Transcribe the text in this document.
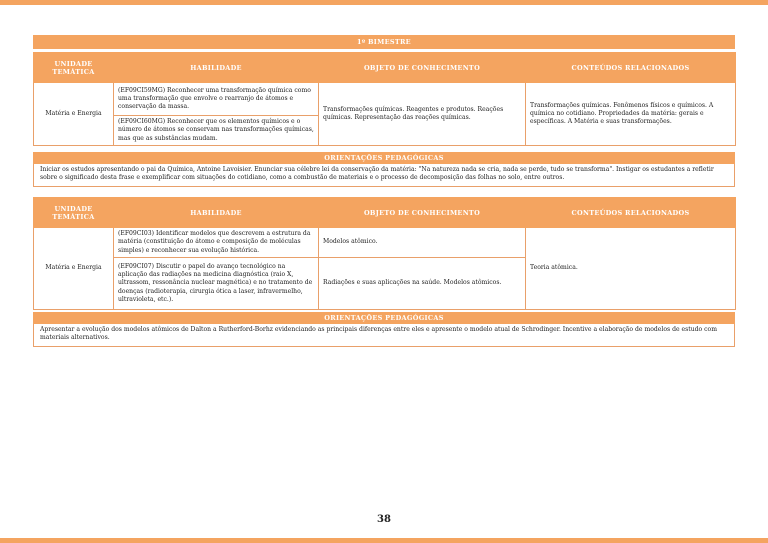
1º BIMESTRE
UNIDADE TEMÁTICA	HABILIDADE	OBJETO DE CONHECIMENTO	CONTEÚDOS RELACIONADOS
Matéria e Energia	(EF09CI59MG) Reconhecer uma transformação química como uma transformação que envolve o rearranjo de átomos e conservação da massa.	Transformações químicas. Reagentes e produtos. Reações químicas. Representação das reações químicas.	Transformações químicas. Fenômenos físicos e químicos. A química no cotidiano. Propriedades da matéria: gerais e específicas. A Matéria e suas transformações.
	(EF09CI60MG) Reconhecer que os elementos químicos e o número de átomos se conservam nas transformações químicas, mas que as substâncias mudam.		
ORIENTAÇÕES PEDAGÓGICAS
Iniciar os estudos apresentando o pai da Química, Antoine Lavoisier. Enunciar sua célebre lei da conservação da matéria: "Na natureza nada se cria, nada se perde, tudo se transforma". Instigar os estudantes a refletir sobre o significado desta frase e exemplificar com situações do cotidiano, como a combustão de materiais e o processo de decomposição das folhas no solo, entre outros.
UNIDADE TEMÁTICA	HABILIDADE	OBJETO DE CONHECIMENTO	CONTEÚDOS RELACIONADOS
Matéria e Energia	(EF09CI03) Identificar modelos que descrevem a estrutura da matéria (constituição do átomo e composição de moléculas simples) e reconhecer sua evolução histórica.	Modelos atômico.	Teoria atômica.
	(EF09CI07) Discutir o papel do avanço tecnológico na aplicação das radiações na medicina diagnóstica (raio X, ultrassom, ressonância nuclear magnética) e no tratamento de doenças (radioterapia, cirurgia ótica a laser, infravermelho, ultravioleta, etc.).	Radiações e suas aplicações na saúde. Modelos atômicos.	
ORIENTAÇÕES PEDAGÓGICAS
Apresentar a evolução dos modelos atômicos de Dalton a Rutherford-Borhz evidenciando as principais diferenças entre eles e apresente o modelo atual de Schrodinger. Incentive a elaboração de modelos de estudo com materiais alternativos.
38
